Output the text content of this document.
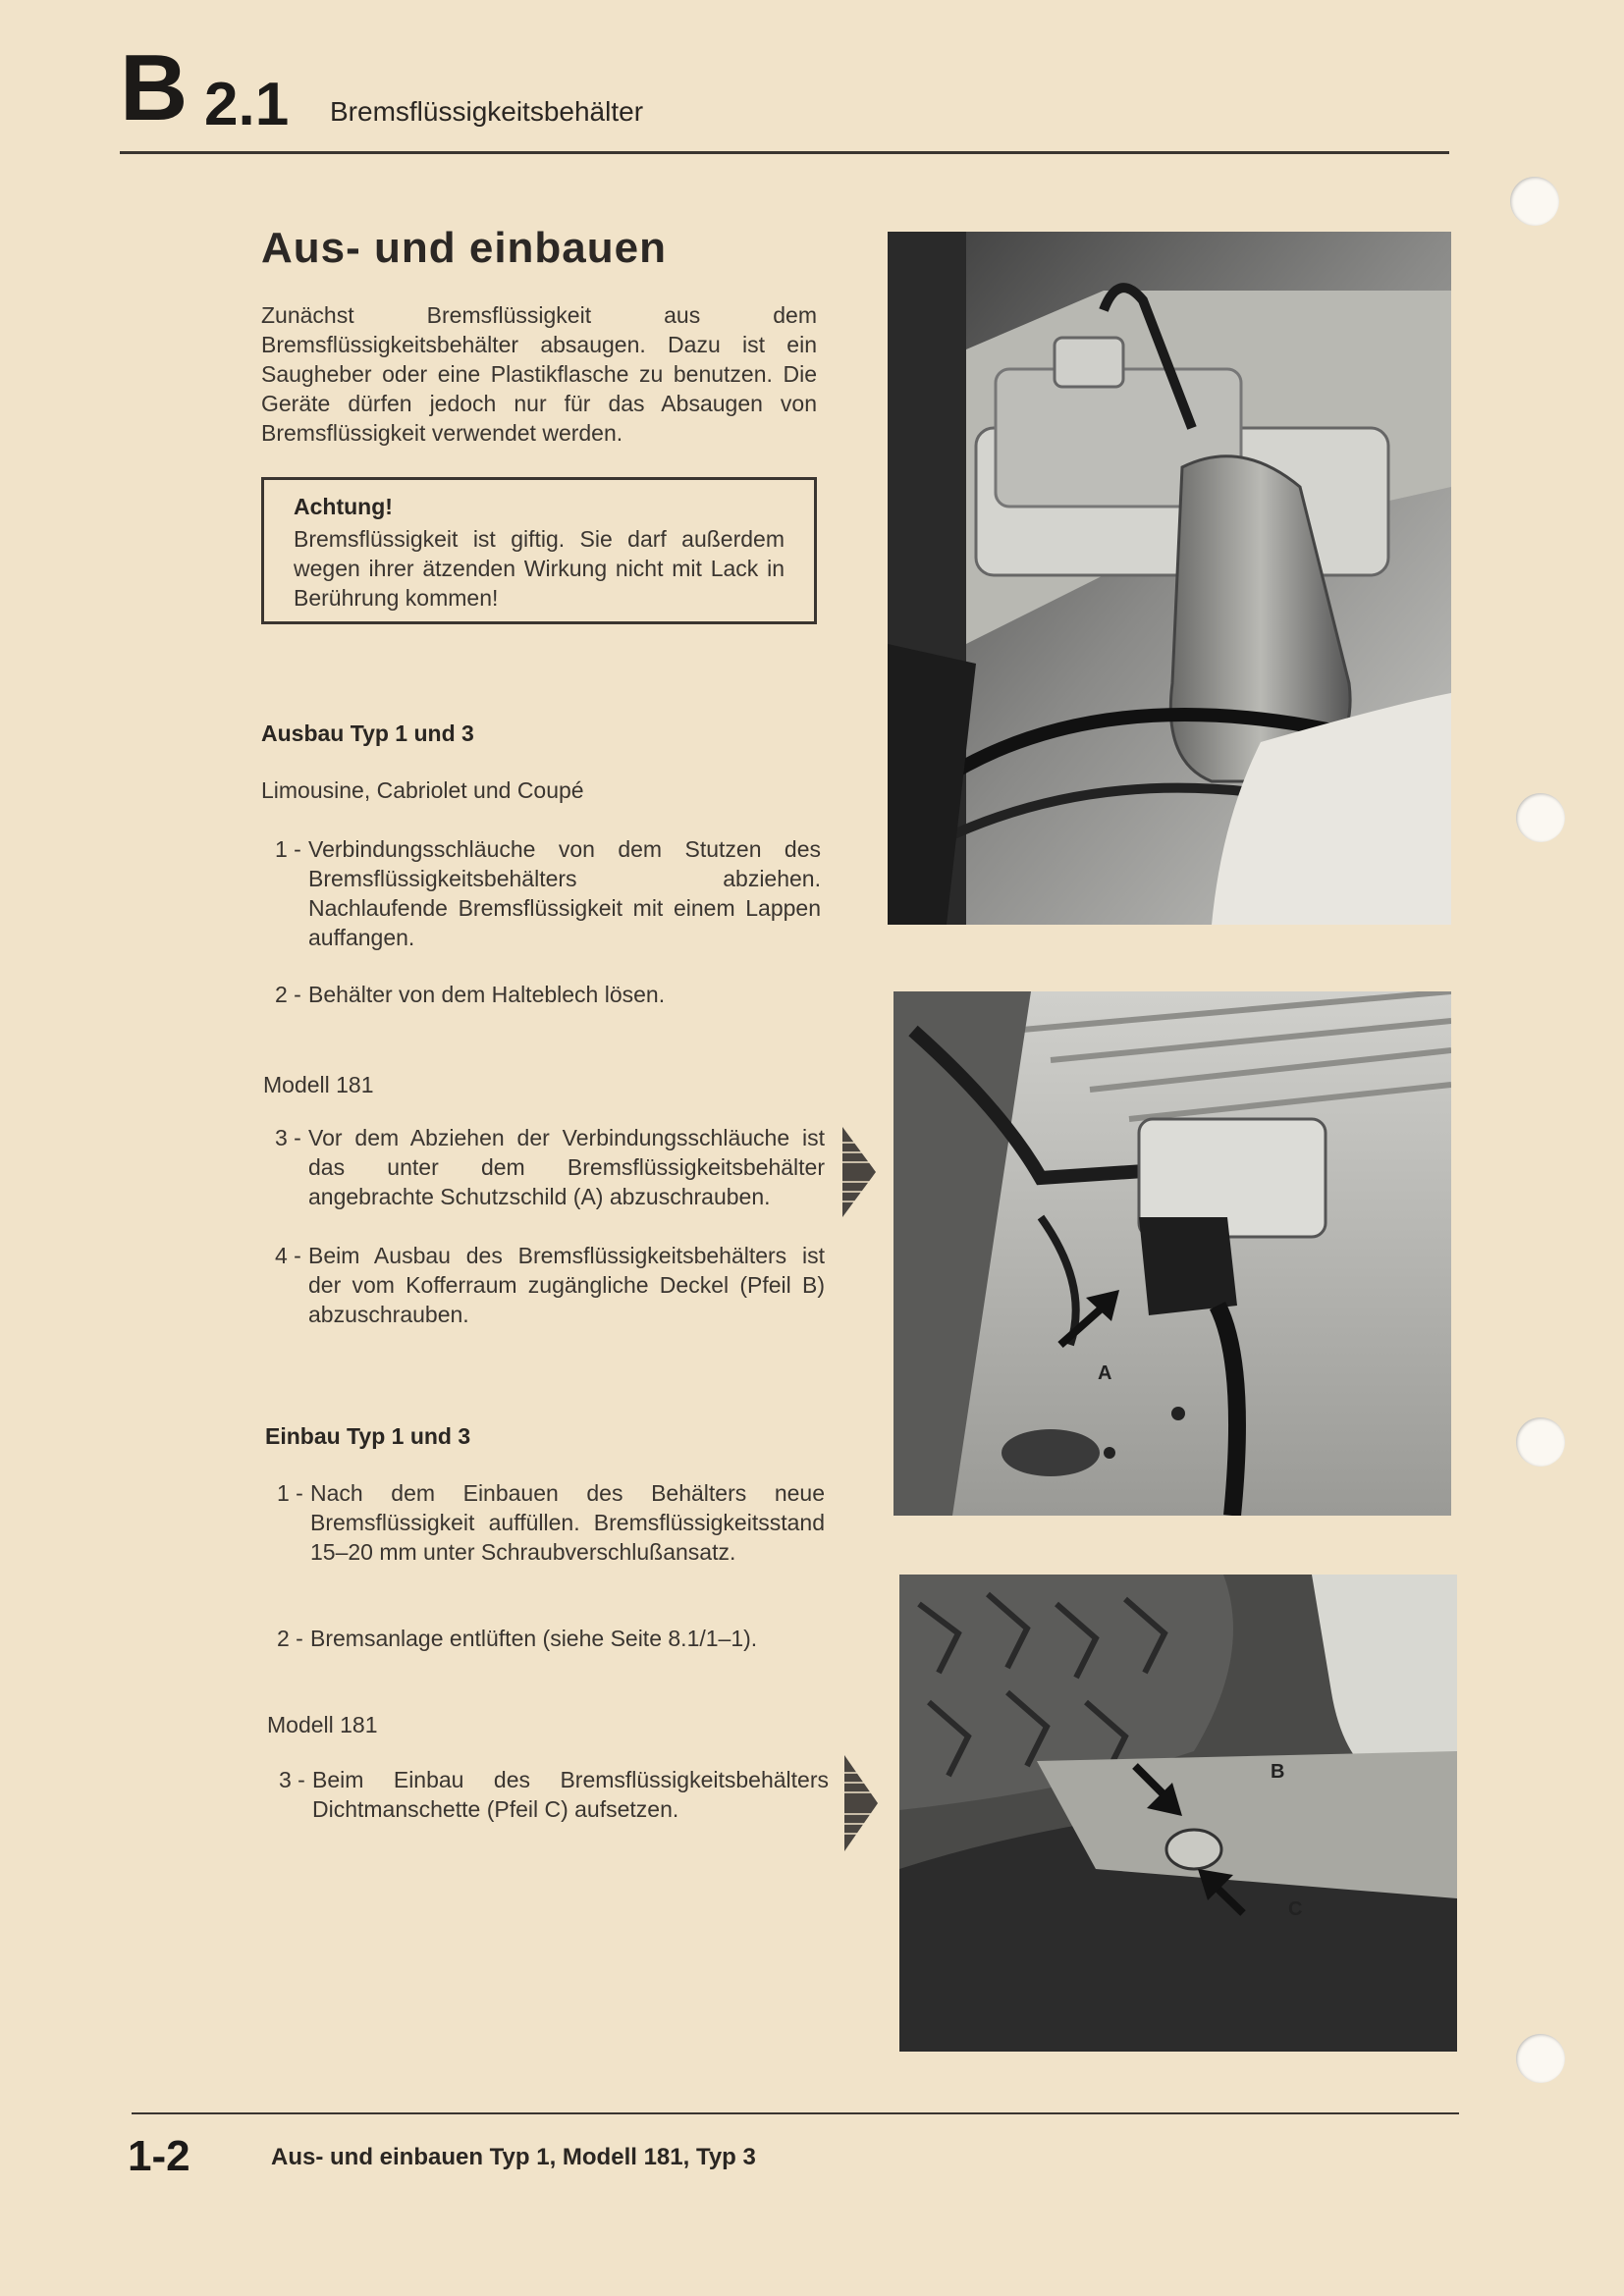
B 2.1 Bremsflüssigkeitsbehälter
Aus- und einbauen
Zunächst Bremsflüssigkeit aus dem Bremsflüssigkeitsbehälter absaugen. Dazu ist ein Saugheber oder eine Plastikflasche zu benutzen. Die Geräte dürfen jedoch nur für das Absaugen von Bremsflüssigkeit verwendet werden.
Achtung!
Bremsflüssigkeit ist giftig. Sie darf außerdem wegen ihrer ätzenden Wirkung nicht mit Lack in Berührung kommen!
Ausbau Typ 1 und 3
Limousine, Cabriolet und Coupé
1 - Verbindungsschläuche von dem Stutzen des Bremsflüssigkeitsbehälters abziehen. Nachlaufende Bremsflüssigkeit mit einem Lappen auffangen.
2 - Behälter von dem Halteblech lösen.
Modell 181
3 - Vor dem Abziehen der Verbindungsschläuche ist das unter dem Bremsflüssigkeitsbehälter angebrachte Schutzschild (A) abzuschrauben.
4 - Beim Ausbau des Bremsflüssigkeitsbehälters ist der vom Kofferraum zugängliche Deckel (Pfeil B) abzuschrauben.
Einbau Typ 1 und 3
1 - Nach dem Einbauen des Behälters neue Bremsflüssigkeit auffüllen. Bremsflüssigkeitsstand 15–20 mm unter Schraubverschlußansatz.
2 - Bremsanlage entlüften (siehe Seite 8.1/1–1).
Modell 181
3 - Beim Einbau des Bremsflüssigkeitsbehälters Dichtmanschette (Pfeil C) aufsetzen.
A
B
C
1-2	Aus- und einbauen Typ 1, Modell 181, Typ 3
